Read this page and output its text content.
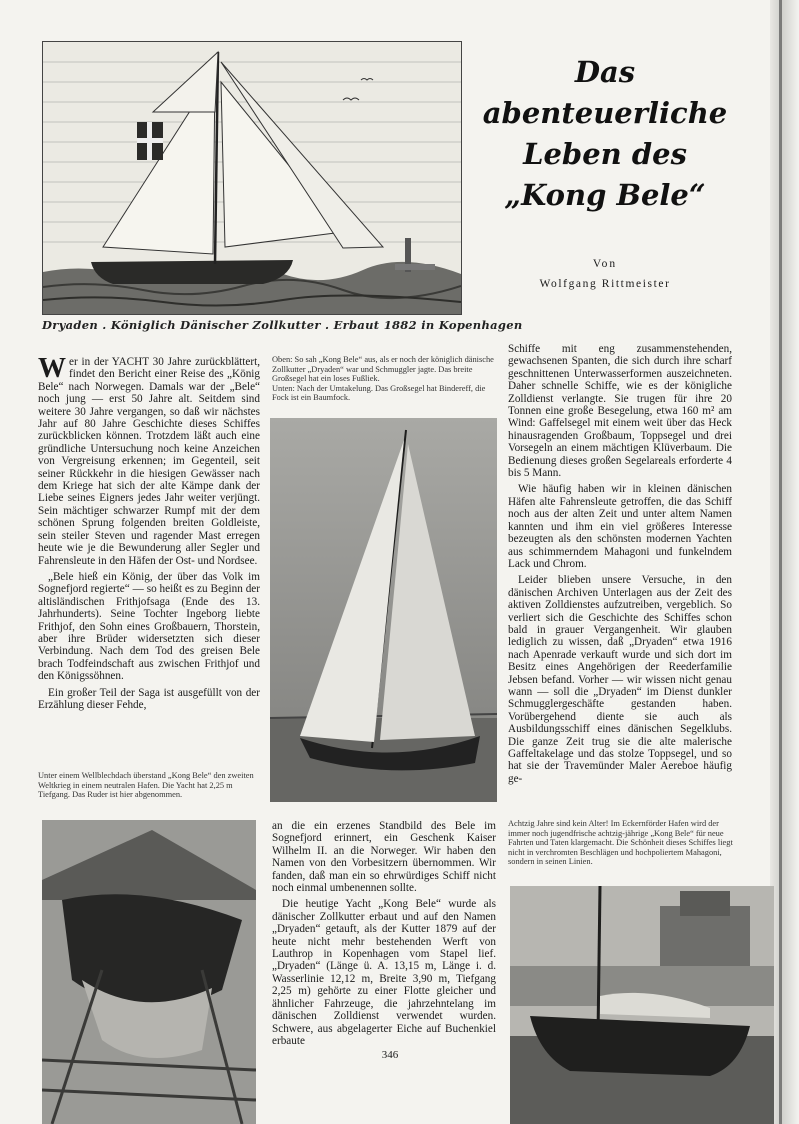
Dryaden . Königlich Dänischer Zollkutter . Erbaut 1882 in Kopenhagen
Das
abenteuerliche
Leben des
„Kong Bele“
Von
Wolfgang Rittmeister

Wer in der YACHT 30 Jahre zurückblättert, findet den Bericht einer Reise des „König Bele“ nach Norwegen. Damals war der „Bele“ noch jung — erst 50 Jahre alt. Seitdem sind weitere 30 Jahre vergangen, so daß wir nächstes Jahr auf 80 Jahre Geschichte dieses Schiffes zurückblicken können. Trotzdem läßt auch eine gründliche Untersuchung noch keine Anzeichen von Vergreisung erkennen; im Gegenteil, seit seiner Rückkehr in die hiesigen Gewässer nach dem Kriege hat sich der alte Kämpe dank der Liebe seines Eigners jedes Jahr weiter verjüngt. Sein mächtiger schwarzer Rumpf mit der dem schönen Sprung folgenden breiten Goldleiste, sein steiler Steven und ragender Mast erregen heute wie je die Bewunderung aller Segler und Fahrensleute in den Häfen der Ost- und Nordsee.

„Bele hieß ein König, der über das Volk im Sognefjord regierte“ — so heißt es zu Beginn der altisländischen Frithjofsaga (Ende des 13. Jahrhunderts). Seine Tochter Ingeborg liebte Frithjof, den Sohn eines Großbauern, Thorstein, aber ihre Brüder widersetzten sich dieser Verbindung. Nach dem Tod des greisen Bele brach Todfeindschaft aus zwischen Frithjof und den Königssöhnen.

Ein großer Teil der Saga ist ausgefüllt von der Erzählung dieser Fehde,

Oben: So sah „Kong Bele“ aus, als er noch der königlich dänische Zollkutter „Dryaden“ war und Schmuggler jagte. Das breite Großsegel hat ein loses Fußliek.
Unten: Nach der Umtakelung. Das Großsegel hat Bindereff, die Fock ist ein Baumfock.
Unter einem Wellblechdach überstand „Kong Bele“ den zweiten Weltkrieg in einem neutralen Hafen. Die Yacht hat 2,25 m Tiefgang. Das Ruder ist hier abgenommen.

an die ein erzenes Standbild des Bele im Sognefjord erinnert, ein Geschenk Kaiser Wilhelm II. an die Norweger. Wir haben den Namen von den Vorbesitzern übernommen. Wir fanden, daß man ein so ehrwürdiges Schiff nicht noch einmal umbenennen sollte.

Die heutige Yacht „Kong Bele“ wurde als dänischer Zollkutter erbaut und auf den Namen „Dryaden“ getauft, als der Kutter 1879 auf der heute nicht mehr bestehenden Werft von Lauthrop in Kopenhagen vom Stapel lief. „Dryaden“ (Länge ü. A. 13,15 m, Länge i. d. Wasserlinie 12,12 m, Breite 3,90 m, Tiefgang 2,25 m) gehörte zu einer Flotte gleicher und ähnlicher Fahrzeuge, die jahrzehntelang im dänischen Zolldienst verwendet wurden. Schwere, aus abgelagerter Eiche auf Buchenkiel erbaute

346

Schiffe mit eng zusammenstehenden, gewachsenen Spanten, die sich durch ihre scharf geschnittenen Unterwasserformen auszeichneten. Daher schnelle Schiffe, wie es der königliche Zolldienst verlangte. Sie trugen für ihre 20 Tonnen eine große Besegelung, etwa 160 m² am Wind: Gaffelsegel mit einem weit über das Heck hinausragenden Großbaum, Toppsegel und drei Vorsegeln an einem mächtigen Klüverbaum. Die Bedienung dieses großen Segelareals erforderte 4 bis 5 Mann.

Wie häufig haben wir in kleinen dänischen Häfen alte Fahrensleute getroffen, die das Schiff noch aus der alten Zeit und unter altem Namen kannten und ihm ein viel größeres Interesse bezeugten als den schönsten modernen Yachten aus schimmerndem Mahagoni und funkelndem Lack und Chrom.

Leider blieben unsere Versuche, in den dänischen Archiven Unterlagen aus der Zeit des aktiven Zolldienstes aufzutreiben, vergeblich. So verliert sich die Geschichte des Schiffes schon bald in grauer Vergangenheit. Wir glauben lediglich zu wissen, daß „Dryaden“ etwa 1916 nach Apenrade verkauft wurde und sich dort im Besitz eines Angehörigen der Reederfamilie Jebsen befand. Vorher — wir wissen nicht genau wann — soll die „Dryaden“ im Dienst dunkler Schmugglergeschäfte gestanden haben. Vorübergehend diente sie auch als Ausbildungsschiff eines dänischen Segelklubs. Die ganze Zeit trug sie die alte malerische Gaffeltakelage und das stolze Toppsegel, und so hat sie der Travemünder Maler Aereboe häufig ge-

Achtzig Jahre sind kein Alter! Im Eckernförder Hafen wird der immer noch jugendfrische achtzig-jährige „Kong Bele“ für neue Fahrten und Taten klargemacht. Die Schönheit dieses Schiffes liegt nicht in verchromten Beschlägen und hochpoliertem Mahagoni, sondern in seinen Linien.
